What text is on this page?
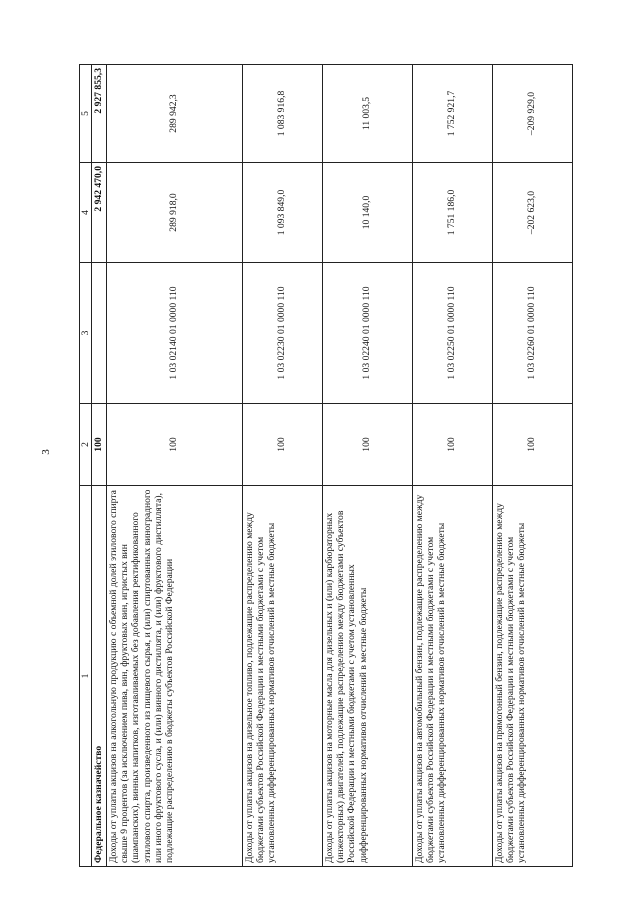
3
1	2	3	4	5
Федеральное казначейство	100		2 942 470,0	2 927 855,3
Доходы от уплаты акцизов на алкогольную продукцию с объемной долей этилового спирта свыше 9 процентов (за исключением пива, вин, фруктовых вин, игристых вин (шампанских), винных напитков, изготавливаемых без добавления ректификованного этилового спирта, произведенного из пищевого сырья, и (или) спиртованных виноградного или иного фруктового сусла, и (или) винного дистиллята, и (или) фруктового дистиллята), подлежащие распределению в бюджеты субъектов Российской Федерации	100	1 03 02140 01 0000 110	289 918,0	289 942,3
Доходы от уплаты акцизов на дизельное топливо, подлежащие распределению между бюджетами субъектов Российской Федерации и местными бюджетами с учетом установленных дифференцированных нормативов отчислений в местные бюджеты	100	1 03 02230 01 0000 110	1 093 849,0	1 083 916,8
Доходы от уплаты акцизов на моторные масла для дизельных и (или) карбюраторных (инжекторных) двигателей, подлежащие распределению между бюджетами субъектов Российской Федерации и местными бюджетами с учетом установленных дифференцированных нормативов отчислений в местные бюджеты	100	1 03 02240 01 0000 110	10 140,0	11 003,5
Доходы от уплаты акцизов на автомобильный бензин, подлежащие распределению между бюджетами субъектов Российской Федерации и местными бюджетами с учетом установленных дифференцированных нормативов отчислений в местные бюджеты	100	1 03 02250 01 0000 110	1 751 186,0	1 752 921,7
Доходы от уплаты акцизов на прямогонный бензин, подлежащие распределению между бюджетами субъектов Российской Федерации и местными бюджетами с учетом установленных дифференцированных нормативов отчислений в местные бюджеты	100	1 03 02260 01 0000 110	–202 623,0	–209 929,0
